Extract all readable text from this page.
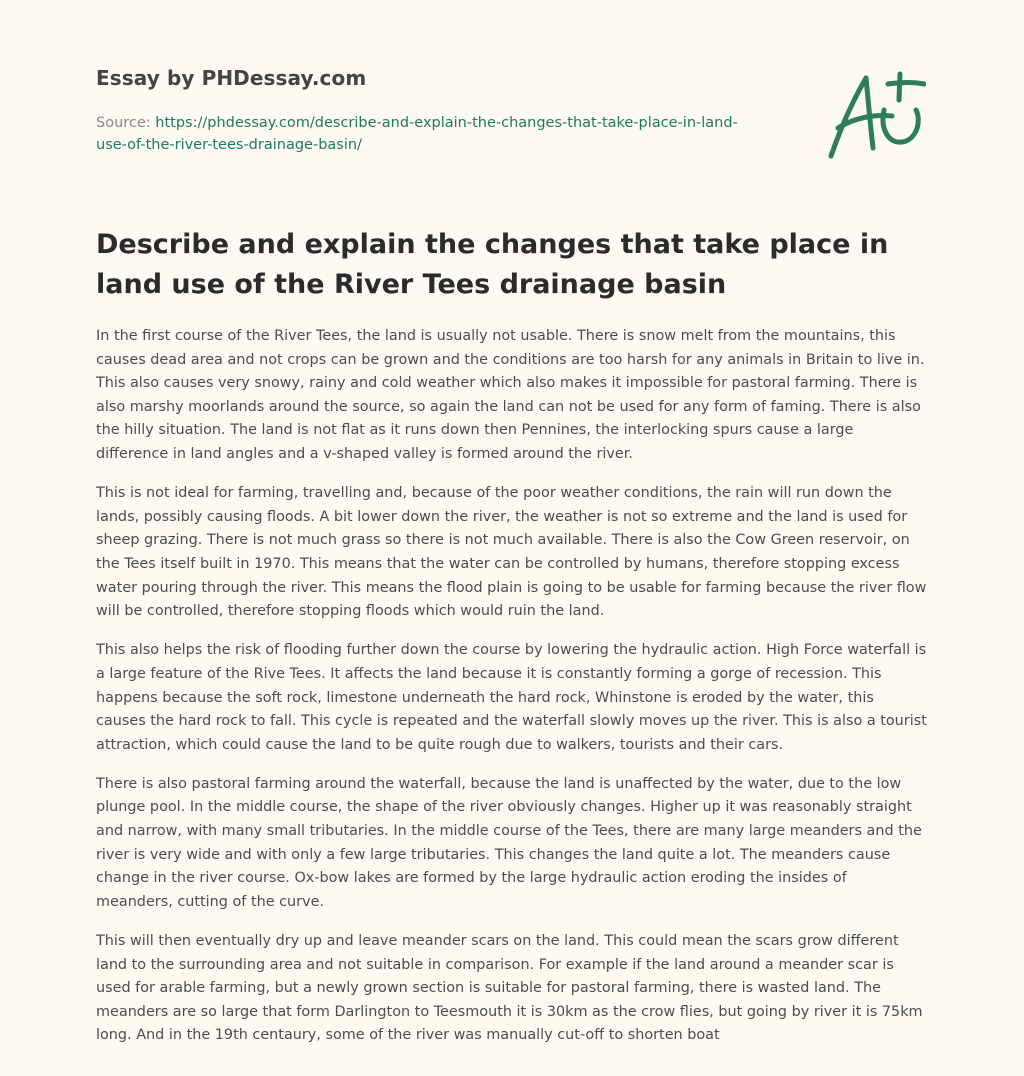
Essay by PHDessay.com
Source: https://phdessay.com/describe-and-explain-the-changes-that-take-place-in-land-use-of-the-river-tees-drainage-basin/
Describe and explain the changes that take place in land use of the River Tees drainage basin

In the first course of the River Tees, the land is usually not usable. There is snow melt from the mountains, this causes dead area and not crops can be grown and the conditions are too harsh for any animals in Britain to live in. This also causes very snowy, rainy and cold weather which also makes it impossible for pastoral farming. There is also marshy moorlands around the source, so again the land can not be used for any form of faming. There is also the hilly situation. The land is not flat as it runs down then Pennines, the interlocking spurs cause a large difference in land angles and a v-shaped valley is formed around the river.

This is not ideal for farming, travelling and, because of the poor weather conditions, the rain will run down the lands, possibly causing floods. A bit lower down the river, the weather is not so extreme and the land is used for sheep grazing. There is not much grass so there is not much available. There is also the Cow Green reservoir, on the Tees itself built in 1970. This means that the water can be controlled by humans, therefore stopping excess water pouring through the river. This means the flood plain is going to be usable for farming because the river flow will be controlled, therefore stopping floods which would ruin the land.

This also helps the risk of flooding further down the course by lowering the hydraulic action. High Force waterfall is a large feature of the Rive Tees. It affects the land because it is constantly forming a gorge of recession. This happens because the soft rock, limestone underneath the hard rock, Whinstone is eroded by the water, this causes the hard rock to fall. This cycle is repeated and the waterfall slowly moves up the river. This is also a tourist attraction, which could cause the land to be quite rough due to walkers, tourists and their cars.

There is also pastoral farming around the waterfall, because the land is unaffected by the water, due to the low plunge pool. In the middle course, the shape of the river obviously changes. Higher up it was reasonably straight and narrow, with many small tributaries. In the middle course of the Tees, there are many large meanders and the river is very wide and with only a few large tributaries. This changes the land quite a lot. The meanders cause change in the river course. Ox-bow lakes are formed by the large hydraulic action eroding the insides of meanders, cutting of the curve.

This will then eventually dry up and leave meander scars on the land. This could mean the scars grow different land to the surrounding area and not suitable in comparison. For example if the land around a meander scar is used for arable farming, but a newly grown section is suitable for pastoral farming, there is wasted land. The meanders are so large that form Darlington to Teesmouth it is 30km as the crow flies, but going by river it is 75km long. And in the 19th centaury, some of the river was manually cut-off to shorten boat
